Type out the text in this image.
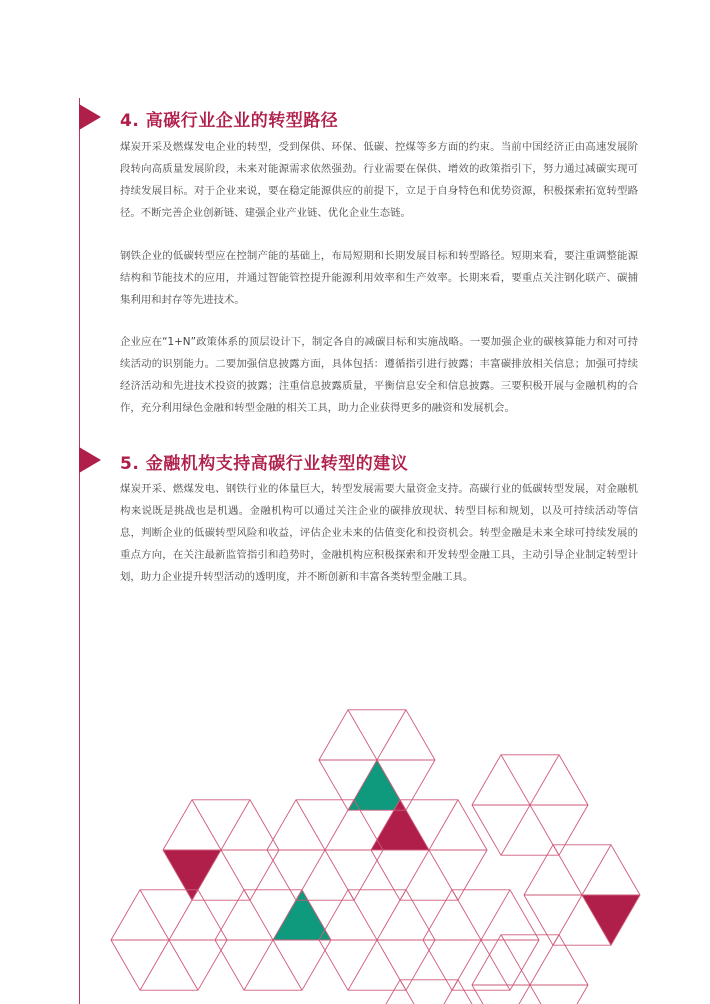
4. 高碳行业企业的转型路径

煤炭开采及燃煤发电企业的转型，受到保供、环保、低碳、控煤等多方面的约束。当前中国经济正由高速发展阶段转向高质量发展阶段，未来对能源需求依然强劲。行业需要在保供、增效的政策指引下，努力通过减碳实现可持续发展目标。对于企业来说，要在稳定能源供应的前提下，立足于自身特色和优势资源，积极探索拓宽转型路径。不断完善企业创新链、建强企业产业链、优化企业生态链。

钢铁企业的低碳转型应在控制产能的基础上，布局短期和长期发展目标和转型路径。短期来看，要注重调整能源结构和节能技术的应用，并通过智能管控提升能源利用效率和生产效率。长期来看，要重点关注钢化联产、碳捕集利用和封存等先进技术。

企业应在“1+N”政策体系的顶层设计下，制定各自的减碳目标和实施战略。一要加强企业的碳核算能力和对可持续活动的识别能力。二要加强信息披露方面，具体包括：遵循指引进行披露；丰富碳排放相关信息；加强可持续经济活动和先进技术投资的披露；注重信息披露质量，平衡信息安全和信息披露。三要积极开展与金融机构的合作，充分利用绿色金融和转型金融的相关工具，助力企业获得更多的融资和发展机会。

5. 金融机构支持高碳行业转型的建议

煤炭开采、燃煤发电、钢铁行业的体量巨大，转型发展需要大量资金支持。高碳行业的低碳转型发展，对金融机构来说既是挑战也是机遇。金融机构可以通过关注企业的碳排放现状、转型目标和规划，以及可持续活动等信息，判断企业的低碳转型风险和收益，评估企业未来的估值变化和投资机会。转型金融是未来全球可持续发展的重点方向，在关注最新监管指引和趋势时，金融机构应积极探索和开发转型金融工具，主动引导企业制定转型计划，助力企业提升转型活动的透明度，并不断创新和丰富各类转型金融工具。
